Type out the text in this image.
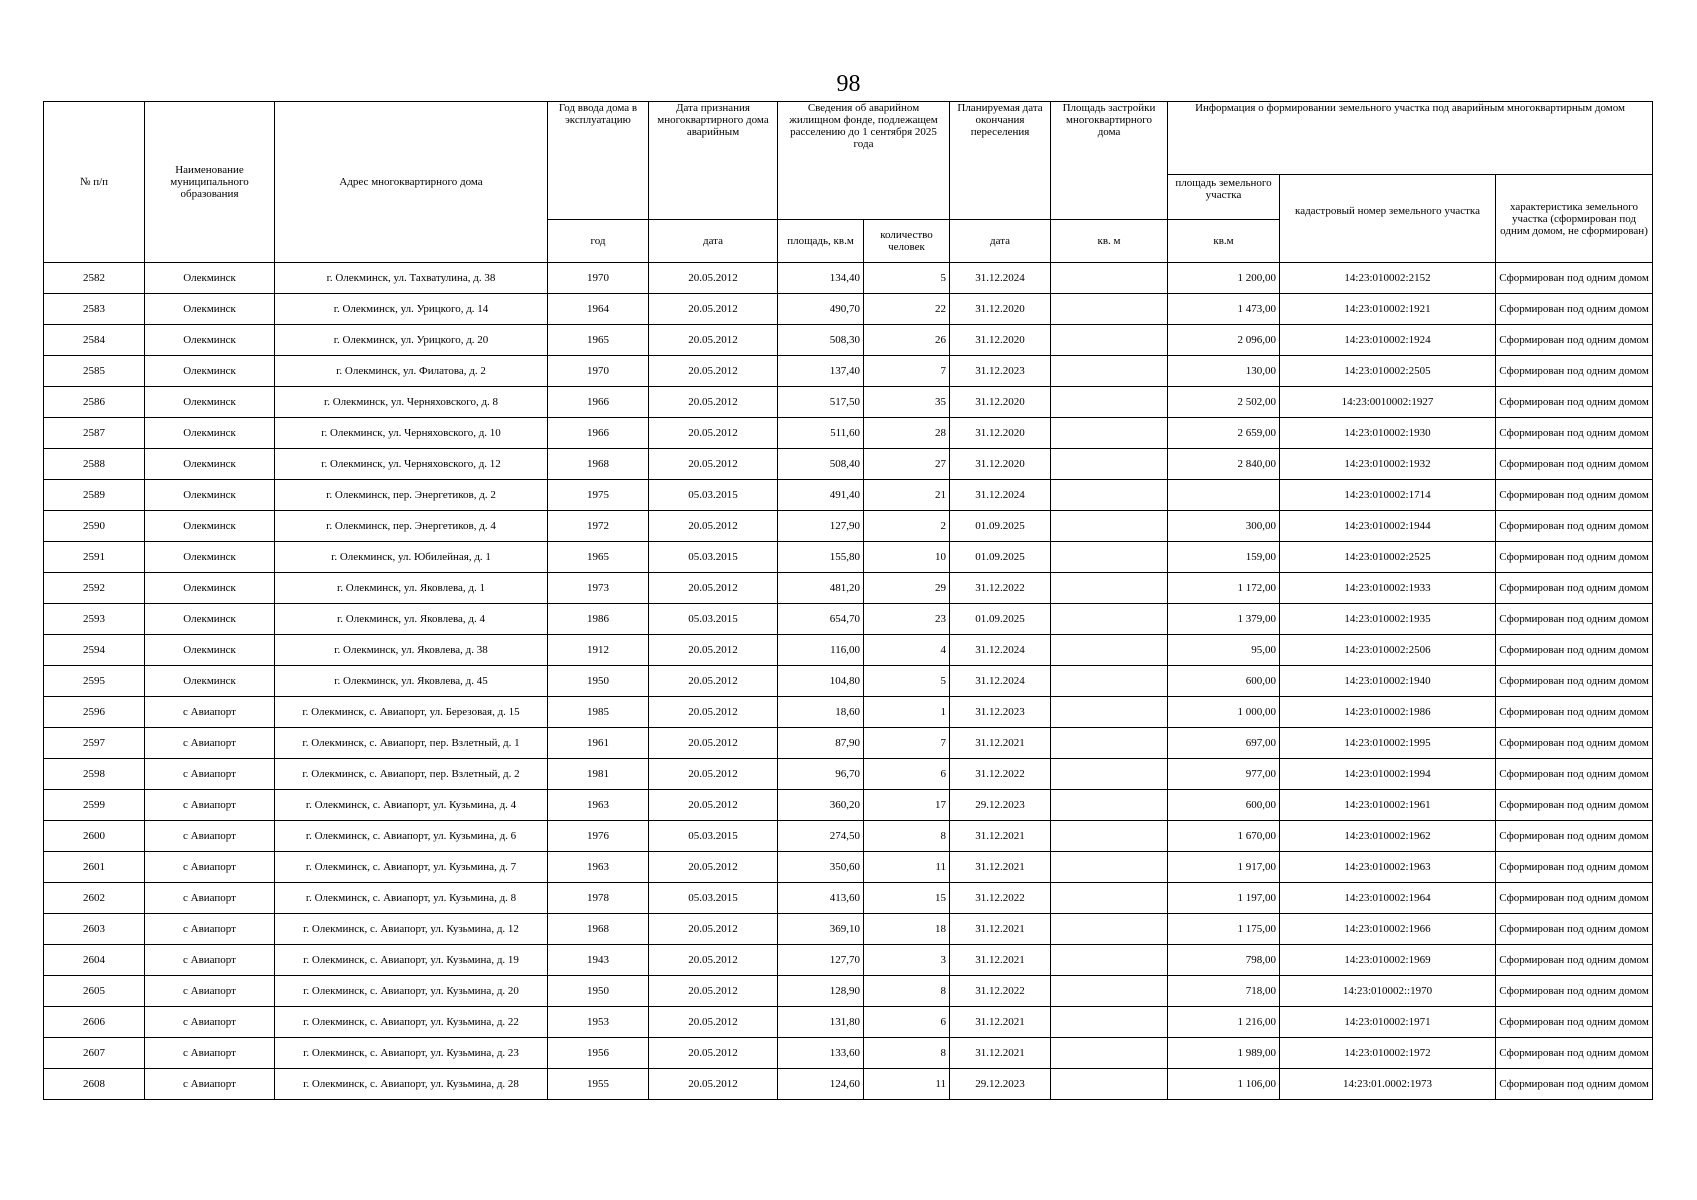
98
№ п/п	Наименование муниципального образования	Адрес многоквартирного дома	Год ввода дома в эксплуатацию	Дата признания многоквартирного дома аварийным	Сведения об аварийном жилищном фонде, подлежащем расселению до 1 сентября 2025 года		Планируемая дата окончания переселения	Площадь застройки многоквартирного дома	Информация о формировании земельного участка под аварийным многоквартирным домом		
									площадь земельного участка	кадастровый номер земельного участка	характеристика земельного участка (сформирован под одним домом, не сформирован)
			год	дата	площадь, кв.м	количество человек	дата	кв. м	кв.м		
2582	Олекминск	г. Олекминск, ул. Тахватулина, д. 38	1970	20.05.2012	134,40	5	31.12.2024		1 200,00	14:23:010002:2152	Сформирован под одним домом
2583	Олекминск	г. Олекминск, ул. Урицкого, д. 14	1964	20.05.2012	490,70	22	31.12.2020		1 473,00	14:23:010002:1921	Сформирован под одним домом
2584	Олекминск	г. Олекминск, ул. Урицкого, д. 20	1965	20.05.2012	508,30	26	31.12.2020		2 096,00	14:23:010002:1924	Сформирован под одним домом
2585	Олекминск	г. Олекминск, ул. Филатова, д. 2	1970	20.05.2012	137,40	7	31.12.2023		130,00	14:23:010002:2505	Сформирован под одним домом
2586	Олекминск	г. Олекминск, ул. Черняховского, д. 8	1966	20.05.2012	517,50	35	31.12.2020		2 502,00	14:23:0010002:1927	Сформирован под одним домом
2587	Олекминск	г. Олекминск, ул. Черняховского, д. 10	1966	20.05.2012	511,60	28	31.12.2020		2 659,00	14:23:010002:1930	Сформирован под одним домом
2588	Олекминск	г. Олекминск, ул. Черняховского, д. 12	1968	20.05.2012	508,40	27	31.12.2020		2 840,00	14:23:010002:1932	Сформирован под одним домом
2589	Олекминск	г. Олекминск, пер. Энергетиков, д. 2	1975	05.03.2015	491,40	21	31.12.2024			14:23:010002:1714	Сформирован под одним домом
2590	Олекминск	г. Олекминск, пер. Энергетиков, д. 4	1972	20.05.2012	127,90	2	01.09.2025		300,00	14:23:010002:1944	Сформирован под одним домом
2591	Олекминск	г. Олекминск, ул. Юбилейная, д. 1	1965	05.03.2015	155,80	10	01.09.2025		159,00	14:23:010002:2525	Сформирован под одним домом
2592	Олекминск	г. Олекминск, ул. Яковлева, д. 1	1973	20.05.2012	481,20	29	31.12.2022		1 172,00	14:23:010002:1933	Сформирован под одним домом
2593	Олекминск	г. Олекминск, ул. Яковлева, д. 4	1986	05.03.2015	654,70	23	01.09.2025		1 379,00	14:23:010002:1935	Сформирован под одним домом
2594	Олекминск	г. Олекминск, ул. Яковлева, д. 38	1912	20.05.2012	116,00	4	31.12.2024		95,00	14:23:010002:2506	Сформирован под одним домом
2595	Олекминск	г. Олекминск, ул. Яковлева, д. 45	1950	20.05.2012	104,80	5	31.12.2024		600,00	14:23:010002:1940	Сформирован под одним домом
2596	с Авиапорт	г. Олекминск, с. Авиапорт, ул. Березовая, д. 15	1985	20.05.2012	18,60	1	31.12.2023		1 000,00	14:23:010002:1986	Сформирован под одним домом
2597	с Авиапорт	г. Олекминск, с. Авиапорт, пер. Взлетный, д. 1	1961	20.05.2012	87,90	7	31.12.2021		697,00	14:23:010002:1995	Сформирован под одним домом
2598	с Авиапорт	г. Олекминск, с. Авиапорт, пер. Взлетный, д. 2	1981	20.05.2012	96,70	6	31.12.2022		977,00	14:23:010002:1994	Сформирован под одним домом
2599	с Авиапорт	г. Олекминск, с. Авиапорт, ул. Кузьмина, д. 4	1963	20.05.2012	360,20	17	29.12.2023		600,00	14:23:010002:1961	Сформирован под одним домом
2600	с Авиапорт	г. Олекминск, с. Авиапорт, ул. Кузьмина, д. 6	1976	05.03.2015	274,50	8	31.12.2021		1 670,00	14:23:010002:1962	Сформирован под одним домом
2601	с Авиапорт	г. Олекминск, с. Авиапорт, ул. Кузьмина, д. 7	1963	20.05.2012	350,60	11	31.12.2021		1 917,00	14:23:010002:1963	Сформирован под одним домом
2602	с Авиапорт	г. Олекминск, с. Авиапорт, ул. Кузьмина, д. 8	1978	05.03.2015	413,60	15	31.12.2022		1 197,00	14:23:010002:1964	Сформирован под одним домом
2603	с Авиапорт	г. Олекминск, с. Авиапорт, ул. Кузьмина, д. 12	1968	20.05.2012	369,10	18	31.12.2021		1 175,00	14:23:010002:1966	Сформирован под одним домом
2604	с Авиапорт	г. Олекминск, с. Авиапорт, ул. Кузьмина, д. 19	1943	20.05.2012	127,70	3	31.12.2021		798,00	14:23:010002:1969	Сформирован под одним домом
2605	с Авиапорт	г. Олекминск, с. Авиапорт, ул. Кузьмина, д. 20	1950	20.05.2012	128,90	8	31.12.2022		718,00	14:23:010002::1970	Сформирован под одним домом
2606	с Авиапорт	г. Олекминск, с. Авиапорт, ул. Кузьмина, д. 22	1953	20.05.2012	131,80	6	31.12.2021		1 216,00	14:23:010002:1971	Сформирован под одним домом
2607	с Авиапорт	г. Олекминск, с. Авиапорт, ул. Кузьмина, д. 23	1956	20.05.2012	133,60	8	31.12.2021		1 989,00	14:23:010002:1972	Сформирован под одним домом
2608	с Авиапорт	г. Олекминск, с. Авиапорт, ул. Кузьмина, д. 28	1955	20.05.2012	124,60	11	29.12.2023		1 106,00	14:23:01.0002:1973	Сформирован под одним домом
